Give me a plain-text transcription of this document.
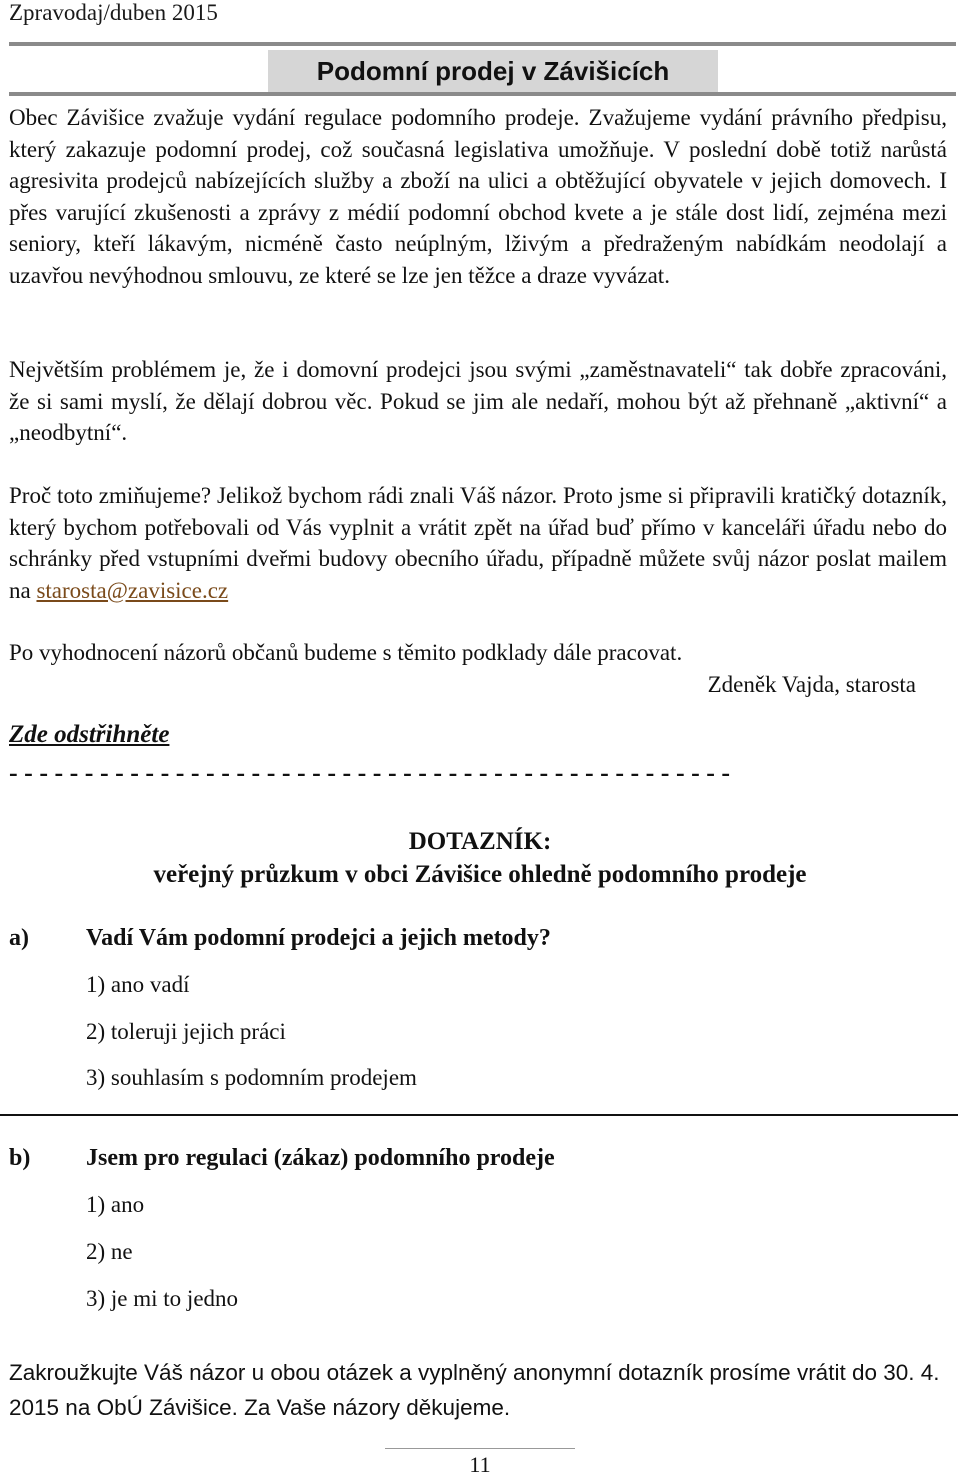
Zpravodaj/duben 2015
Podomní prodej v Závišicích

Obec Závišice zvažuje vydání regulace podomního prodeje. Zvažujeme vydání právního předpisu, který zakazuje podomní prodej, což současná legislativa umožňuje. V poslední době totiž narůstá agresivita prodejců nabízejících služby a zboží na ulici a obtěžující obyvatele v jejich domovech. I přes varující zkušenosti a zprávy z médií podomní obchod kvete a je stále dost lidí, zejména mezi seniory, kteří lákavým, nicméně často neúplným, lživým a předraženým nabídkám neodolají a uzavřou nevýhodnou smlouvu, ze které se lze jen těžce a draze vyvázat.

Největším problémem je, že i domovní prodejci jsou svými „zaměstnavateli“ tak dobře zpracováni, že si sami myslí, že dělají dobrou věc. Pokud se jim ale nedaří, mohou být až přehnaně „aktivní“ a „neodbytní“.

Proč toto zmiňujeme? Jelikož bychom rádi znali Váš názor. Proto jsme si připravili kratičký dotazník, který bychom potřebovali od Vás vyplnit a vrátit zpět na úřad buď přímo v kanceláři úřadu nebo do schránky před vstupními dveřmi budovy obecního úřadu, případně můžete svůj názor poslat mailem na starosta@zavisice.cz

Po vyhodnocení názorů občanů budeme s těmito podklady dále pracovat.

Zdeněk Vajda, starosta
Zde odstřihněte
- - - - - - - - - - - - - - - - - - - - - - - - - - - - - - - - - - - - - - - - - - - - - - - -
DOTAZNÍK:
veřejný průzkum v obci Závišice ohledně podomního prodeje
a) Vadí Vám podomní prodejci a jejich metody?
1) ano vadí
2) toleruji jejich práci
3) souhlasím s podomním prodejem
b) Jsem pro regulaci (zákaz) podomního prodeje
1) ano
2) ne
3) je mi to jedno

Zakroužkujte Váš názor u obou otázek a vyplněný anonymní dotazník prosíme vrátit do 30. 4. 2015 na ObÚ Závišice. Za Vaše názory děkujeme.

11
